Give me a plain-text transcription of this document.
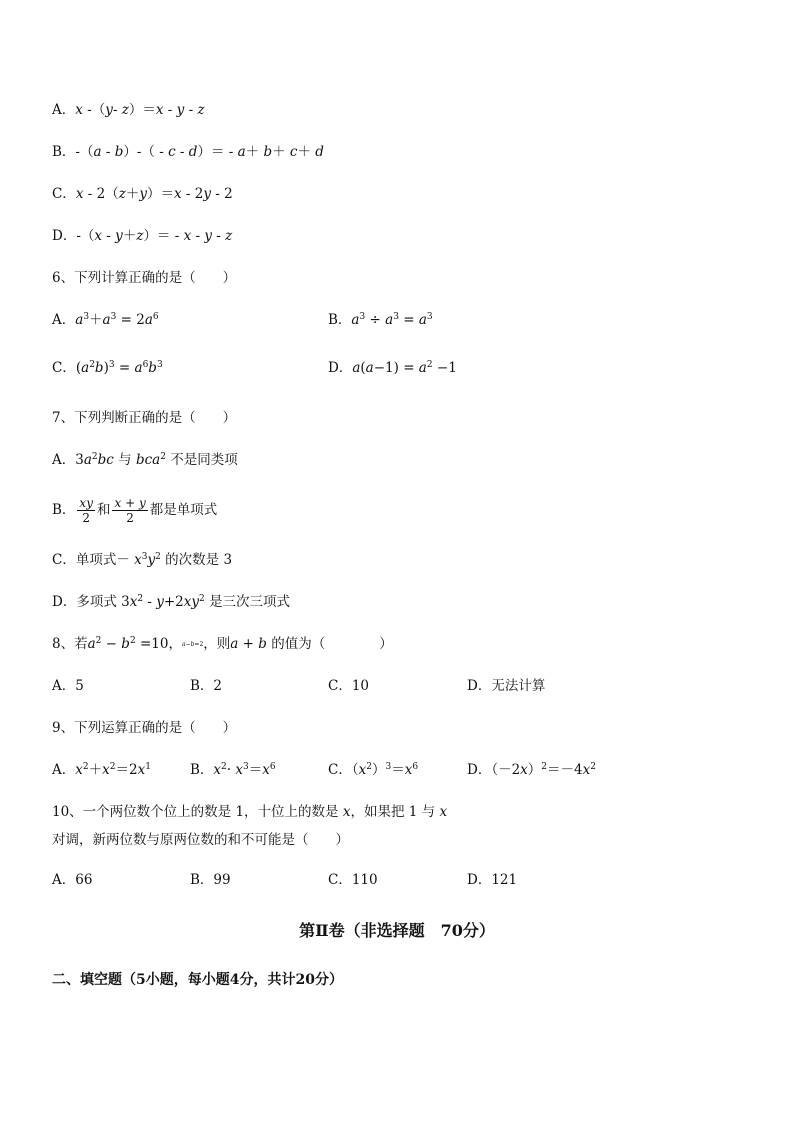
A．x -（y- z）＝x - y - z
B．-（a - b）-（ - c - d）＝ - a＋ b＋ c＋ d
C．x - 2（z＋y）＝x - 2y - 2
D．-（x - y＋z）＝ - x - y - z
6、下列计算正确的是（　　）
A．$a^3+a^3 = 2a^6$	B．$a^3 \div a^3 = a^3$
C．$(a^2b)^3 = a^6b^3$	D．$a(a-1) = a^2 -1$
7、下列判断正确的是（　　）
A．$3a^2bc$ 与 bca$^2$ 不是同类项
B． $\frac{xy}{2}$ 和 $\frac{x + y}{2}$ 都是单项式
C．单项式－ $x^3y^2$ 的次数是 3
D．多项式 $3x^2 - y+2xy^2$ 是三次三项式
8、若$a^2 - b^2 =10$，a−b=2，则a + b 的值为（　　　　）
A．5	B．2	C．10	D．无法计算
9、下列运算正确的是（　　）
A．$x^2+x^2=2x^1$	B．$x^2\cdot x^3=x^6$	C．$(x^2)^3=x^6$	D．$(-2x)^2=-4x^2$
10、一个两位数个位上的数是 1，十位上的数是 x，如果把 1 与 x 对调，新两位数与原两位数的和不可能是（　　）
A．66	B．99	C．110	D．121
第Ⅱ卷（非选择题　70分）
二、填空题（5小题，每小题4分，共计20分）
